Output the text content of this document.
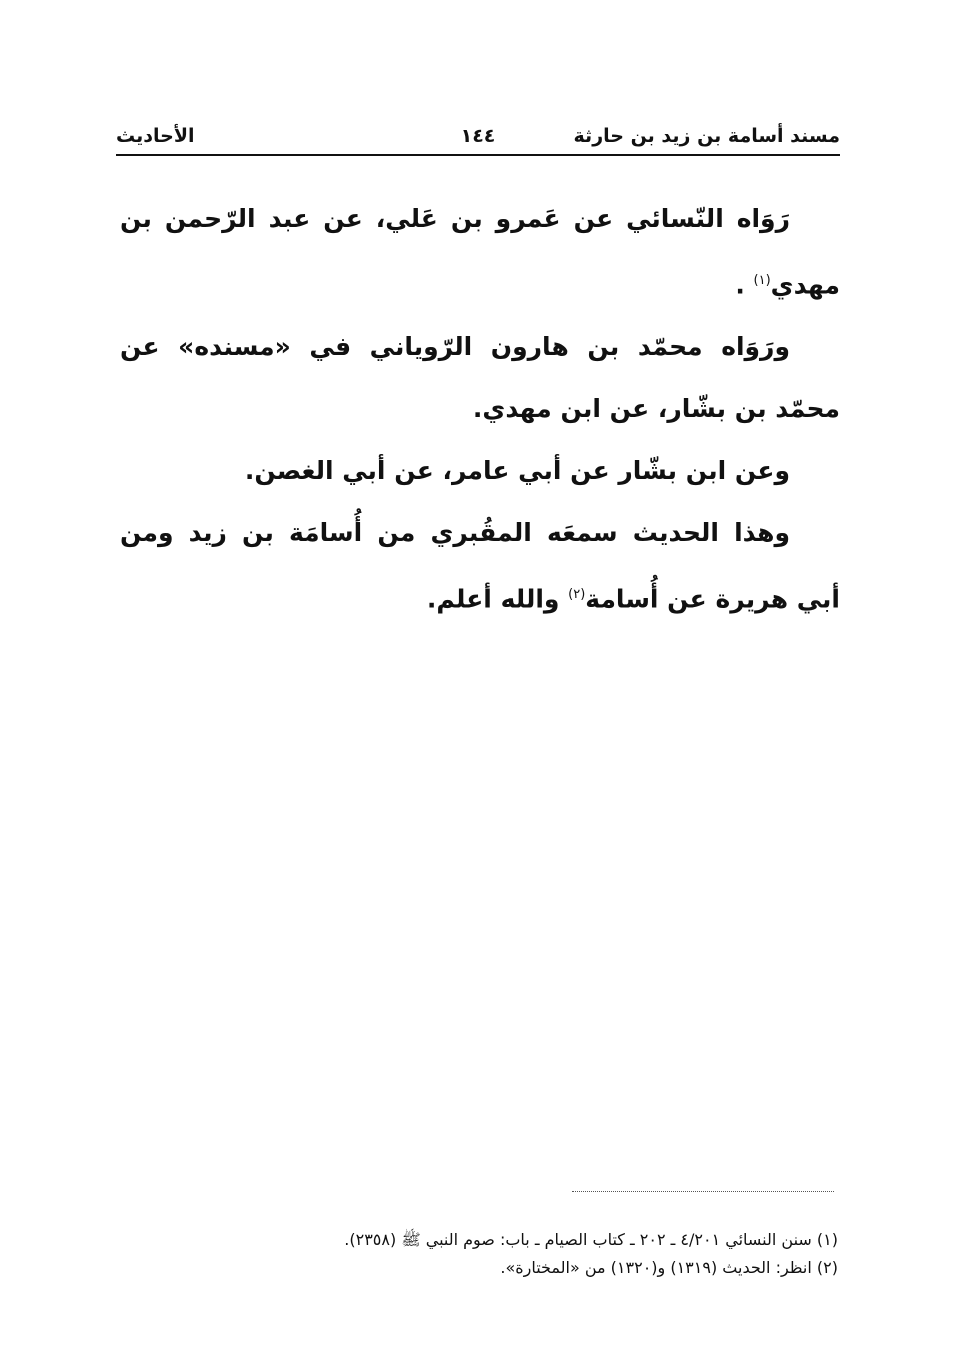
مسند أسامة بن زيد بن حارثة
١٤٤
الأحاديث

رَوَاه النّسائي عن عَمرو بن عَلي، عن عبد الرّحمن بن مهدي$^{(١)}$ .

ورَوَاه محمّد بن هارون الرّوياني في «مسنده» عن محمّد بن بشّار، عن ابن مهدي.

وعن ابن بشّار عن أبي عامر، عن أبي الغصن.

وهذا الحديث سمعَه المقُبري من أُسامَة بن زيد ومن أبي هريرة عن أُسامة$^{(٢)}$ والله أعلم.

(١) سنن النسائي ٤/٢٠١ ـ ٢٠٢ ـ كتاب الصيام ـ باب: صوم النبي ﷺ (٢٣٥٨).
(٢) انظر: الحديث (١٣١٩) و(١٣٢٠) من «المختارة».
